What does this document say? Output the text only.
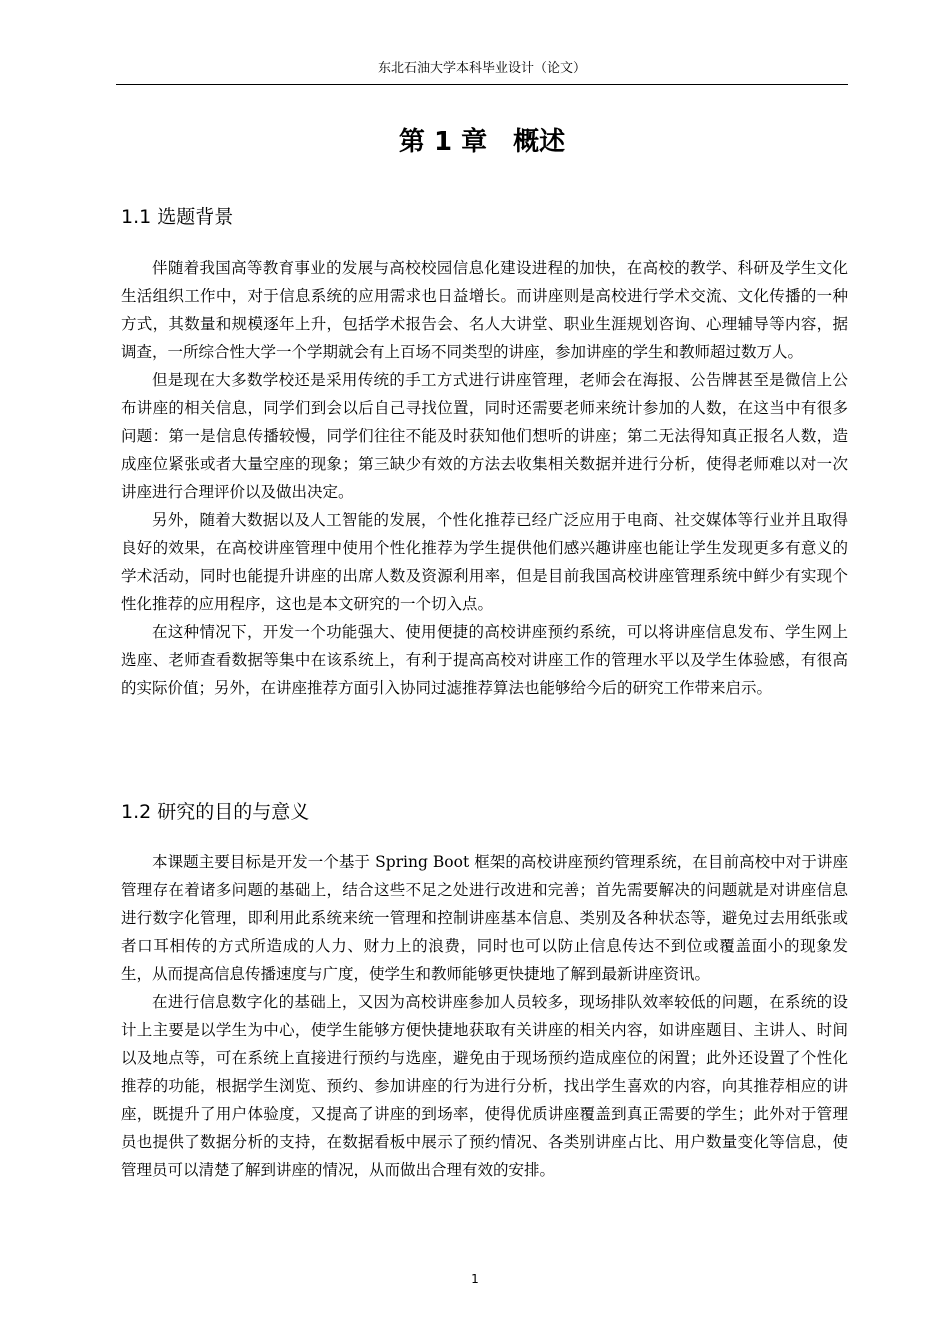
东北石油大学本科毕业设计（论文）
第 1 章　概述
1.1 选题背景

伴随着我国高等教育事业的发展与高校校园信息化建设进程的加快，在高校的教学、科研及学生文化生活组织工作中，对于信息系统的应用需求也日益增长。而讲座则是高校进行学术交流、文化传播的一种方式，其数量和规模逐年上升，包括学术报告会、名人大讲堂、职业生涯规划咨询、心理辅导等内容，据调查，一所综合性大学一个学期就会有上百场不同类型的讲座，参加讲座的学生和教师超过数万人。

但是现在大多数学校还是采用传统的手工方式进行讲座管理，老师会在海报、公告牌甚至是微信上公布讲座的相关信息，同学们到会以后自己寻找位置，同时还需要老师来统计参加的人数，在这当中有很多问题：第一是信息传播较慢，同学们往往不能及时获知他们想听的讲座；第二无法得知真正报名人数，造成座位紧张或者大量空座的现象；第三缺少有效的方法去收集相关数据并进行分析，使得老师难以对一次讲座进行合理评价以及做出决定。

另外，随着大数据以及人工智能的发展，个性化推荐已经广泛应用于电商、社交媒体等行业并且取得良好的效果，在高校讲座管理中使用个性化推荐为学生提供他们感兴趣讲座也能让学生发现更多有意义的学术活动，同时也能提升讲座的出席人数及资源利用率，但是目前我国高校讲座管理系统中鲜少有实现个性化推荐的应用程序，这也是本文研究的一个切入点。

在这种情况下，开发一个功能强大、使用便捷的高校讲座预约系统，可以将讲座信息发布、学生网上选座、老师查看数据等集中在该系统上，有利于提高高校对讲座工作的管理水平以及学生体验感，有很高的实际价值；另外，在讲座推荐方面引入协同过滤推荐算法也能够给今后的研究工作带来启示。

1.2 研究的目的与意义

本课题主要目标是开发一个基于 Spring Boot 框架的高校讲座预约管理系统，在目前高校中对于讲座管理存在着诸多问题的基础上，结合这些不足之处进行改进和完善；首先需要解决的问题就是对讲座信息进行数字化管理，即利用此系统来统一管理和控制讲座基本信息、类别及各种状态等，避免过去用纸张或者口耳相传的方式所造成的人力、财力上的浪费，同时也可以防止信息传达不到位或覆盖面小的现象发生，从而提高信息传播速度与广度，使学生和教师能够更快捷地了解到最新讲座资讯。

在进行信息数字化的基础上，又因为高校讲座参加人员较多，现场排队效率较低的问题，在系统的设计上主要是以学生为中心，使学生能够方便快捷地获取有关讲座的相关内容，如讲座题目、主讲人、时间以及地点等，可在系统上直接进行预约与选座，避免由于现场预约造成座位的闲置；此外还设置了个性化推荐的功能，根据学生浏览、预约、参加讲座的行为进行分析，找出学生喜欢的内容，向其推荐相应的讲座，既提升了用户体验度，又提高了讲座的到场率，使得优质讲座覆盖到真正需要的学生；此外对于管理员也提供了数据分析的支持，在数据看板中展示了预约情况、各类别讲座占比、用户数量变化等信息，使管理员可以清楚了解到讲座的情况，从而做出合理有效的安排。

1
